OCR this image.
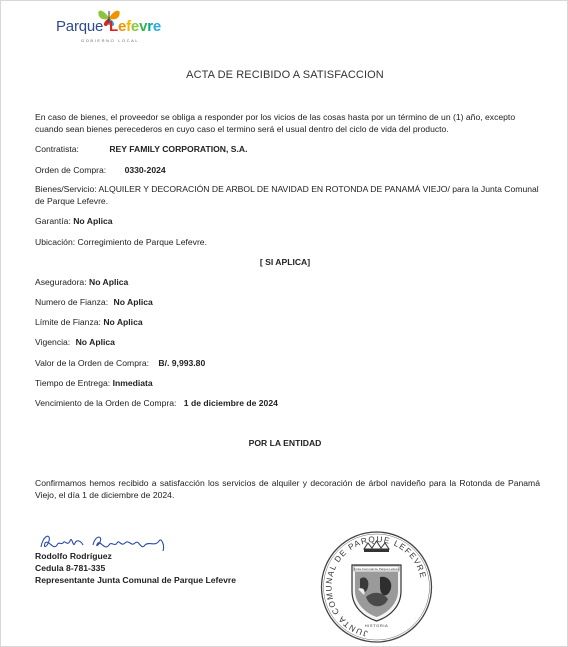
Parque Lefevre
GOBIERNO LOCAL
ACTA DE RECIBIDO A SATISFACCION
En caso de bienes, el proveedor se obliga a responder por los vicios de las cosas hasta por un término de un (1) año, excepto cuando sean bienes perecederos en cuyo caso el termino será el usual dentro del ciclo de vida del producto.
Contratista:	REY FAMILY CORPORATION, S.A.
Orden de Compra: 0330-2024
Bienes/Servicio: ALQUILER Y DECORACIÓN DE ARBOL DE NAVIDAD EN ROTONDA DE PANAMÁ VIEJO/ para la Junta Comunal de Parque Lefevre.
Garantía: No Aplica
Ubicación: Corregimiento de Parque Lefevre.
[ SI APLICA]
Aseguradora: No Aplica
Numero de Fianza: No Aplica
Límite de Fianza: No Aplica
Vigencia: No Aplica
Valor de la Orden de Compra: B/. 9,993.80
Tiempo de Entrega: Inmediata
Vencimiento de la Orden de Compra: 1 de diciembre de 2024
POR LA ENTIDAD
Confirmamos hemos recibido a satisfacción los servicios de alquiler y decoración de árbol navideño para la Rotonda de Panamá Viejo, el día 1 de diciembre de 2024.
Rodolfo Rodríguez
Cedula 8-781-335
Representante Junta Comunal de Parque Lefevre
JUNTA COMUNAL DE PARQUE LEFEVRE
Junta Comunal de Parque Lefevre
HISTORIA
